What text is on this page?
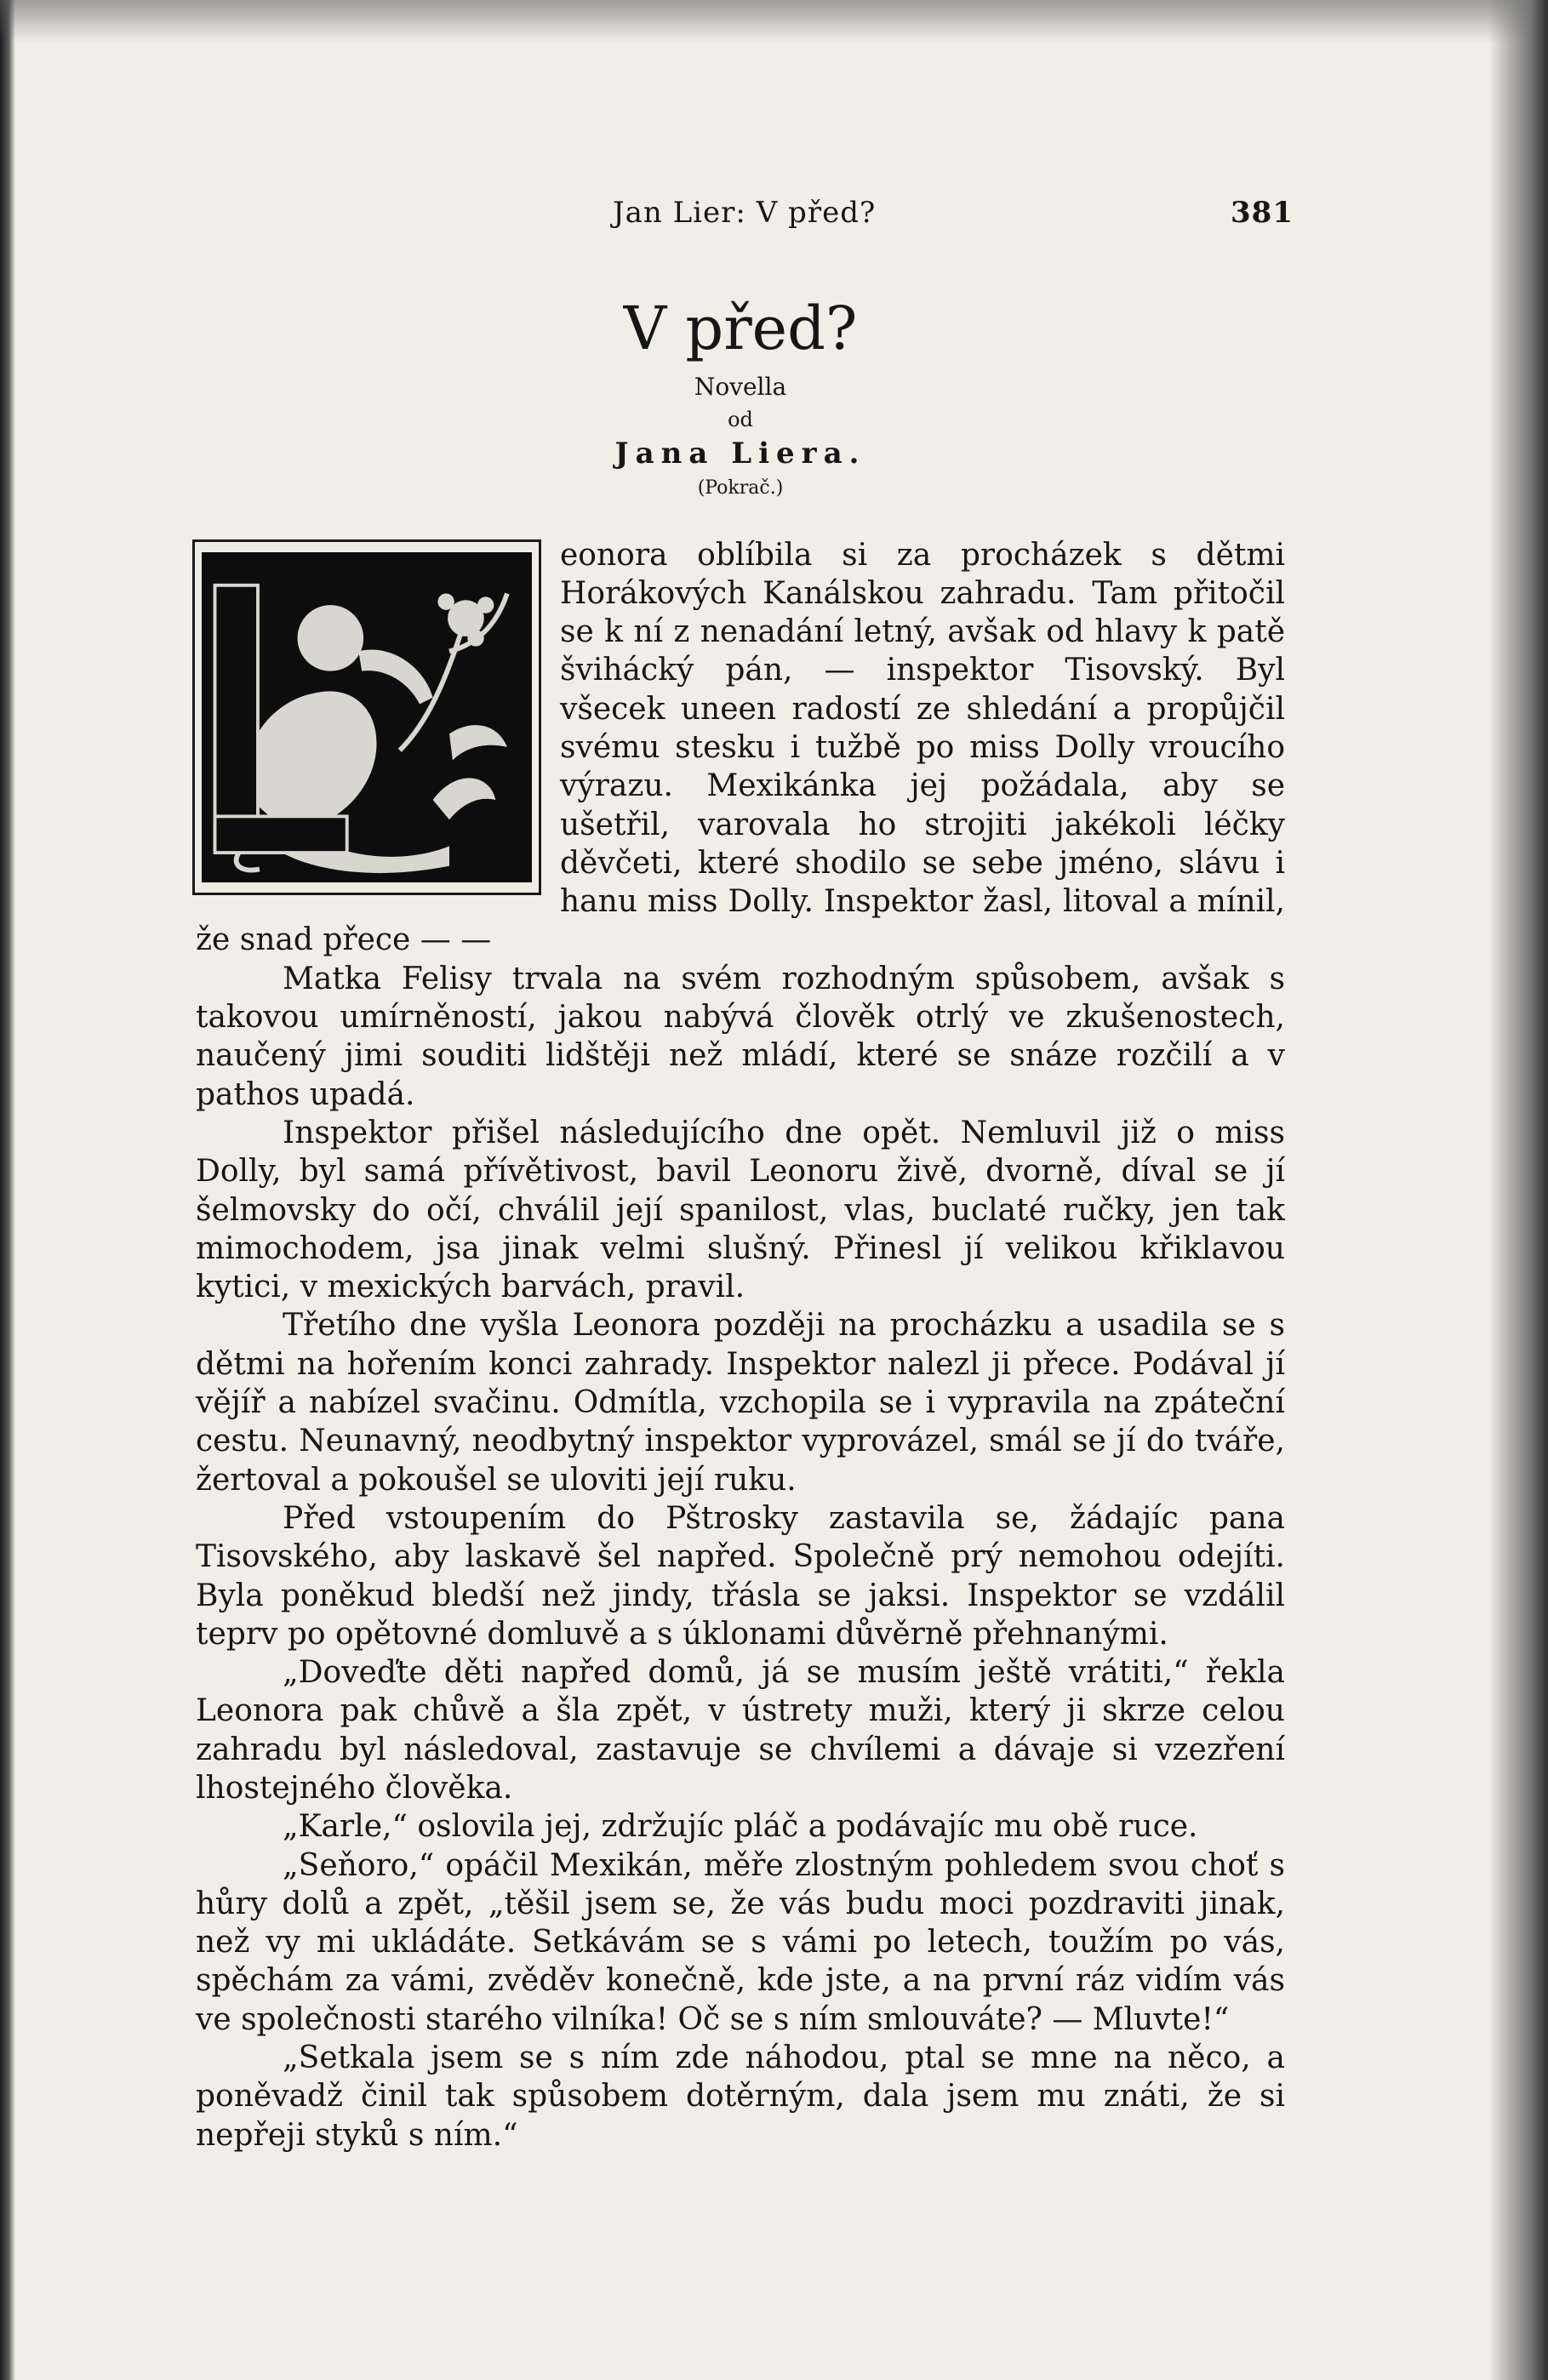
Jan Lier: V před?	381
V před?
Novella
od
Jana Liera.
(Pokrač.)

eonora oblíbila si za procházek s dětmi Horákových Kanálskou zahradu. Tam přitočil se k ní z nenadání letný, avšak od hlavy k patě švihácký pán, — inspektor Tisovský. Byl všecek uneen radostí ze shledání a propůjčil svému stesku i tužbě po miss Dolly vroucího výrazu. Mexikánka jej požádala, aby se ušetřil, varovala ho strojiti jakékoli léčky děvčeti, které shodilo se sebe jméno, slávu i hanu miss Dolly. Inspektor žasl, litoval a mínil, že snad přece — —

Matka Felisy trvala na svém rozhodným spůsobem, avšak s takovou umírněností, jakou nabývá člověk otrlý ve zkušenostech, naučený jimi souditi lidštěji než mládí, které se snáze rozčilí a v pathos upadá.

Inspektor přišel následujícího dne opět. Nemluvil již o miss Dolly, byl samá přívětivost, bavil Leonoru živě, dvorně, díval se jí šelmovsky do očí, chválil její spanilost, vlas, buclaté ručky, jen tak mimochodem, jsa jinak velmi slušný. Přinesl jí velikou křiklavou kytici, v mexických barvách, pravil.

Třetího dne vyšla Leonora později na procházku a usadila se s dětmi na hořením konci zahrady. Inspektor nalezl ji přece. Podával jí vějíř a nabízel svačinu. Odmítla, vzchopila se i vypravila na zpáteční cestu. Neunavný, neodbytný inspektor vyprovázel, smál se jí do tváře, žertoval a pokoušel se uloviti její ruku.

Před vstoupením do Pštrosky zastavila se, žádajíc pana Tisovského, aby laskavě šel napřed. Společně prý nemohou odejíti. Byla poněkud bledší než jindy, třásla se jaksi. Inspektor se vzdálil teprv po opětovné domluvě a s úklonami důvěrně přehnanými.

„Doveďte děti napřed domů, já se musím ještě vrátiti,“ řekla Leonora pak chůvě a šla zpět, v ústrety muži, který ji skrze celou zahradu byl následoval, zastavuje se chvílemi a dávaje si vzezření lhostejného člověka.

„Karle,“ oslovila jej, zdržujíc pláč a podávajíc mu obě ruce.

„Seňoro,“ opáčil Mexikán, měře zlostným pohledem svou choť s hůry dolů a zpět, „těšil jsem se, že vás budu moci pozdraviti jinak, než vy mi ukládáte. Setkávám se s vámi po letech, toužím po vás, spěchám za vámi, zvěděv konečně, kde jste, a na první ráz vidím vás ve společnosti starého vilníka! Oč se s ním smlouváte? — Mluvte!“

„Setkala jsem se s ním zde náhodou, ptal se mne na něco, a poněvadž činil tak spůsobem dotěrným, dala jsem mu znáti, že si nepřeji styků s ním.“
